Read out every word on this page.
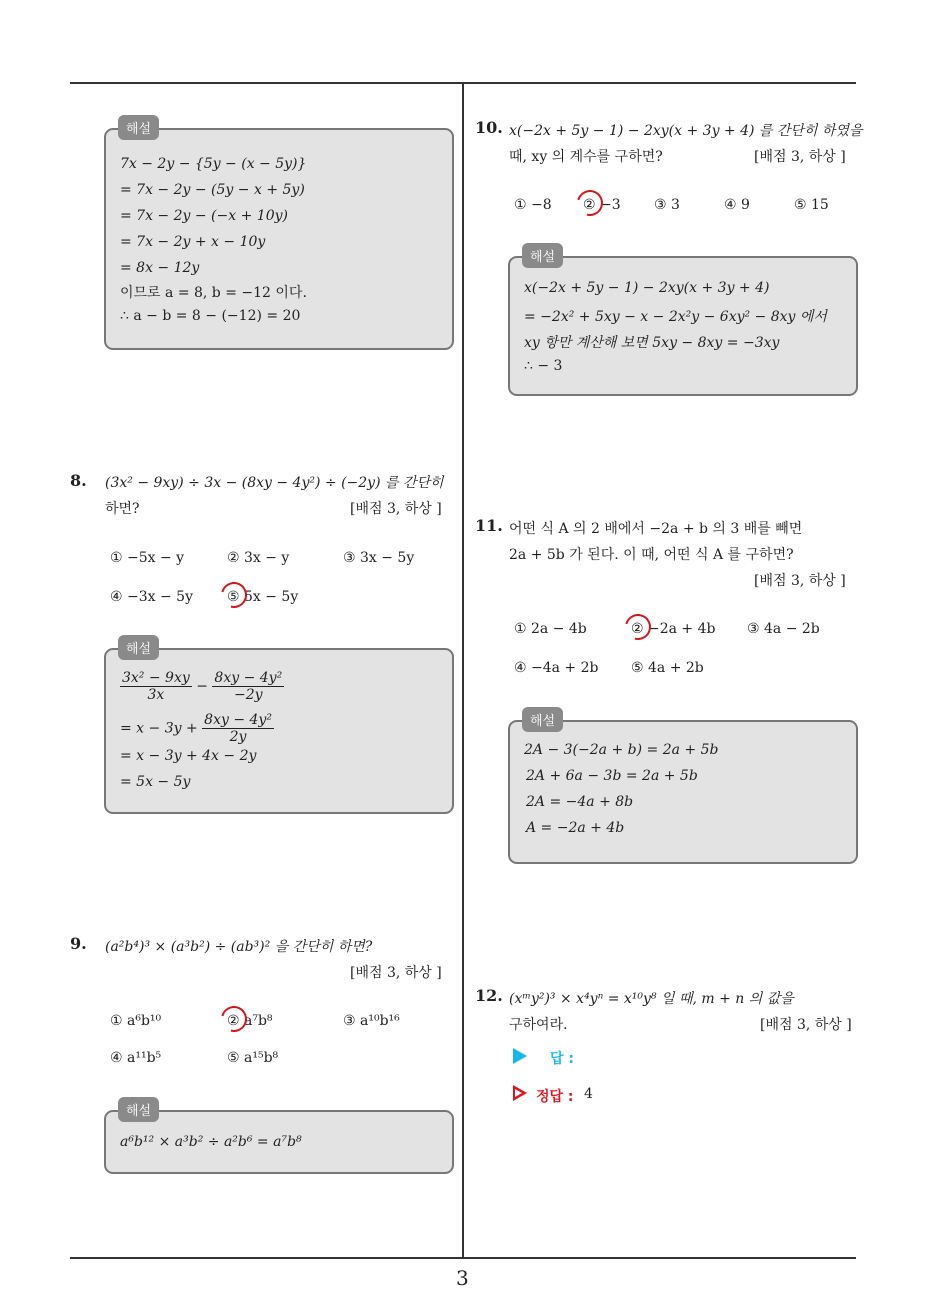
3
해설
7x − 2y − {5y − (x − 5y)}
= 7x − 2y − (5y − x + 5y)
= 7x − 2y − (−x + 10y)
= 7x − 2y + x − 10y
= 8x − 12y
이므로 a = 8, b = −12 이다.
∴ a − b = 8 − (−12) = 20
8. (3x² − 9xy) ÷ 3x − (8xy − 4y²) ÷ (−2y) 를 간단히
하면?	[배점 3, 하상 ]
① −5x − y	② 3x − y	③ 3x − 5y
④ −3x − 5y ⑤ 5x − 5y
해설
$\frac{\text{3x² − 9xy}}{3x} - \frac{\text{8xy − 4y²}}{-2y}$
= $x - 3y + \frac{\text{8xy − 4y²}}{2y}$
= x − 3y + 4x − 2y
= 5x − 5y
9. (a²b⁴)³ × (a³b²) ÷ (ab³)² 을 간단히 하면?
[배점 3, 하상 ]
① a⁶b¹⁰	② a⁷b⁸	③ a¹⁰b¹⁶
④ a¹¹b⁵	⑤ a¹⁵b⁸
해설
a⁶b¹² × a³b² ÷ a²b⁶ = a⁷b⁸
10. x(−2x + 5y − 1) − 2xy(x + 3y + 4) 를 간단히 하였을
때, xy 의 계수를 구하면?	[배점 3, 하상 ]
① −8 ② −3 ③ 3	④ 9	⑤ 15
해설
x(−2x + 5y − 1) − 2xy(x + 3y + 4)
= −2x² + 5xy − x − 2x²y − 6xy² − 8xy 에서
xy 항만 계산해 보면 5xy − 8xy = −3xy
∴ − 3
11. 어떤 식 A 의 2 배에서 −2a + b 의 3 배를 빼면
2a + 5b 가 된다. 이 때, 어떤 식 A 를 구하면?
[배점 3, 하상 ]
① 2a − 4b	② −2a + 4b ③ 4a − 2b
④ −4a + 2b ⑤ 4a + 2b
해설
2A − 3(−2a + b) = 2a + 5b
2A + 6a − 3b = 2a + 5b
2A = −4a + 8b
A = −2a + 4b
12. (xᵐy²)³ × x⁴yⁿ = x¹⁰y⁸ 일 때, m + n 의 값을
구하여라.	[배점 3, 하상 ]
답 :
정답 : 4
